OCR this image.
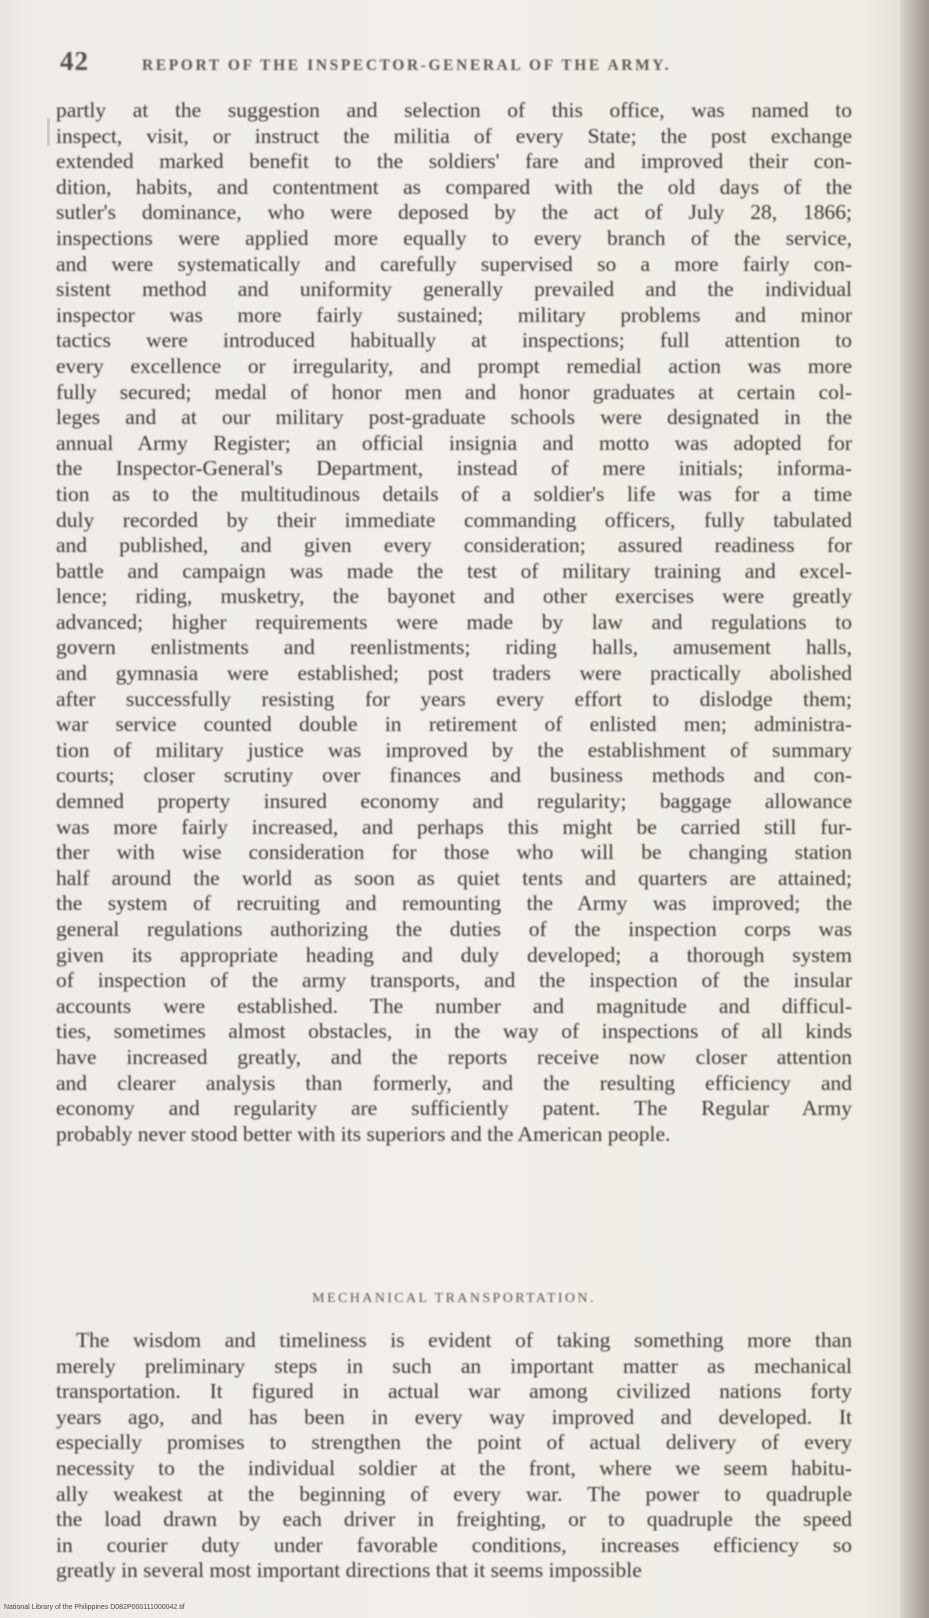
42	REPORT OF THE INSPECTOR-GENERAL OF THE ARMY.
partly at the suggestion and selection of this office, was named to
inspect, visit, or instruct the militia of every State; the post exchange
extended marked benefit to the soldiers' fare and improved their con-
dition, habits, and contentment as compared with the old days of the
sutler's dominance, who were deposed by the act of July 28, 1866;
inspections were applied more equally to every branch of the service,
and were systematically and carefully supervised so a more fairly con-
sistent method and uniformity generally prevailed and the individual
inspector was more fairly sustained; military problems and minor
tactics were introduced habitually at inspections; full attention to
every excellence or irregularity, and prompt remedial action was more
fully secured; medal of honor men and honor graduates at certain col-
leges and at our military post-graduate schools were designated in the
annual Army Register; an official insignia and motto was adopted for
the Inspector-General's Department, instead of mere initials; informa-
tion as to the multitudinous details of a soldier's life was for a time
duly recorded by their immediate commanding officers, fully tabulated
and published, and given every consideration; assured readiness for
battle and campaign was made the test of military training and excel-
lence; riding, musketry, the bayonet and other exercises were greatly
advanced; higher requirements were made by law and regulations to
govern enlistments and reenlistments; riding halls, amusement halls,
and gymnasia were established; post traders were practically abolished
after successfully resisting for years every effort to dislodge them;
war service counted double in retirement of enlisted men; administra-
tion of military justice was improved by the establishment of summary
courts; closer scrutiny over finances and business methods and con-
demned property insured economy and regularity; baggage allowance
was more fairly increased, and perhaps this might be carried still fur-
ther with wise consideration for those who will be changing station
half around the world as soon as quiet tents and quarters are attained;
the system of recruiting and remounting the Army was improved; the
general regulations authorizing the duties of the inspection corps was
given its appropriate heading and duly developed; a thorough system
of inspection of the army transports, and the inspection of the insular
accounts were established. The number and magnitude and difficul-
ties, sometimes almost obstacles, in the way of inspections of all kinds
have increased greatly, and the reports receive now closer attention
and clearer analysis than formerly, and the resulting efficiency and
economy and regularity are sufficiently patent. The Regular Army
probably never stood better with its superiors and the American people.
MECHANICAL TRANSPORTATION.
The wisdom and timeliness is evident of taking something more than
merely preliminary steps in such an important matter as mechanical
transportation. It figured in actual war among civilized nations forty
years ago, and has been in every way improved and developed. It
especially promises to strengthen the point of actual delivery of every
necessity to the individual soldier at the front, where we seem habitu-
ally weakest at the beginning of every war. The power to quadruple
the load drawn by each driver in freighting, or to quadruple the speed
in courier duty under favorable conditions, increases efficiency so
greatly in several most important directions that it seems impossible
National Library of the Philippines D082P000111000042.tif
